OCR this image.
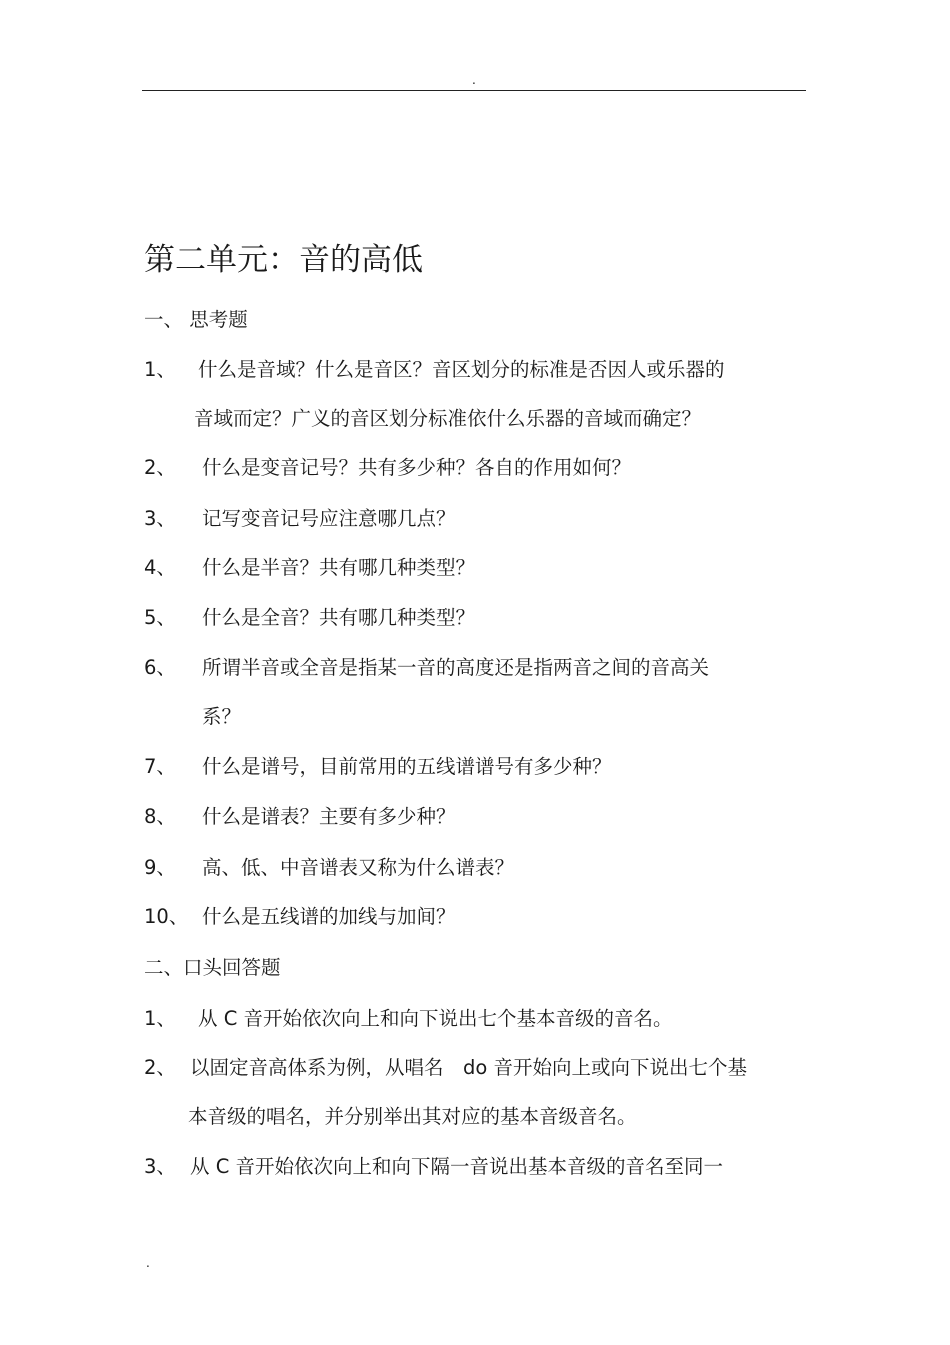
.
第二单元：音的高低
一、 思考题
1、 什么是音域？什么是音区？音区划分的标准是否因人或乐器的
音域而定？广义的音区划分标准依什么乐器的音域而确定？
2、 什么是变音记号？共有多少种？各自的作用如何？
3、 记写变音记号应注意哪几点？
4、 什么是半音？共有哪几种类型？
5、 什么是全音？共有哪几种类型？
6、 所谓半音或全音是指某一音的高度还是指两音之间的音高关
系？
7、 什么是谱号，目前常用的五线谱谱号有多少种？
8、 什么是谱表？主要有多少种？
9、 高、低、中音谱表又称为什么谱表？
10、 什么是五线谱的加线与加间？
二、口头回答题
1、 从 C 音开始依次向上和向下说出七个基本音级的音名。
2、 以固定音高体系为例，从唱名　do 音开始向上或向下说出七个基
本音级的唱名，并分别举出其对应的基本音级音名。
3、 从 C 音开始依次向上和向下隔一音说出基本音级的音名至同一
.
